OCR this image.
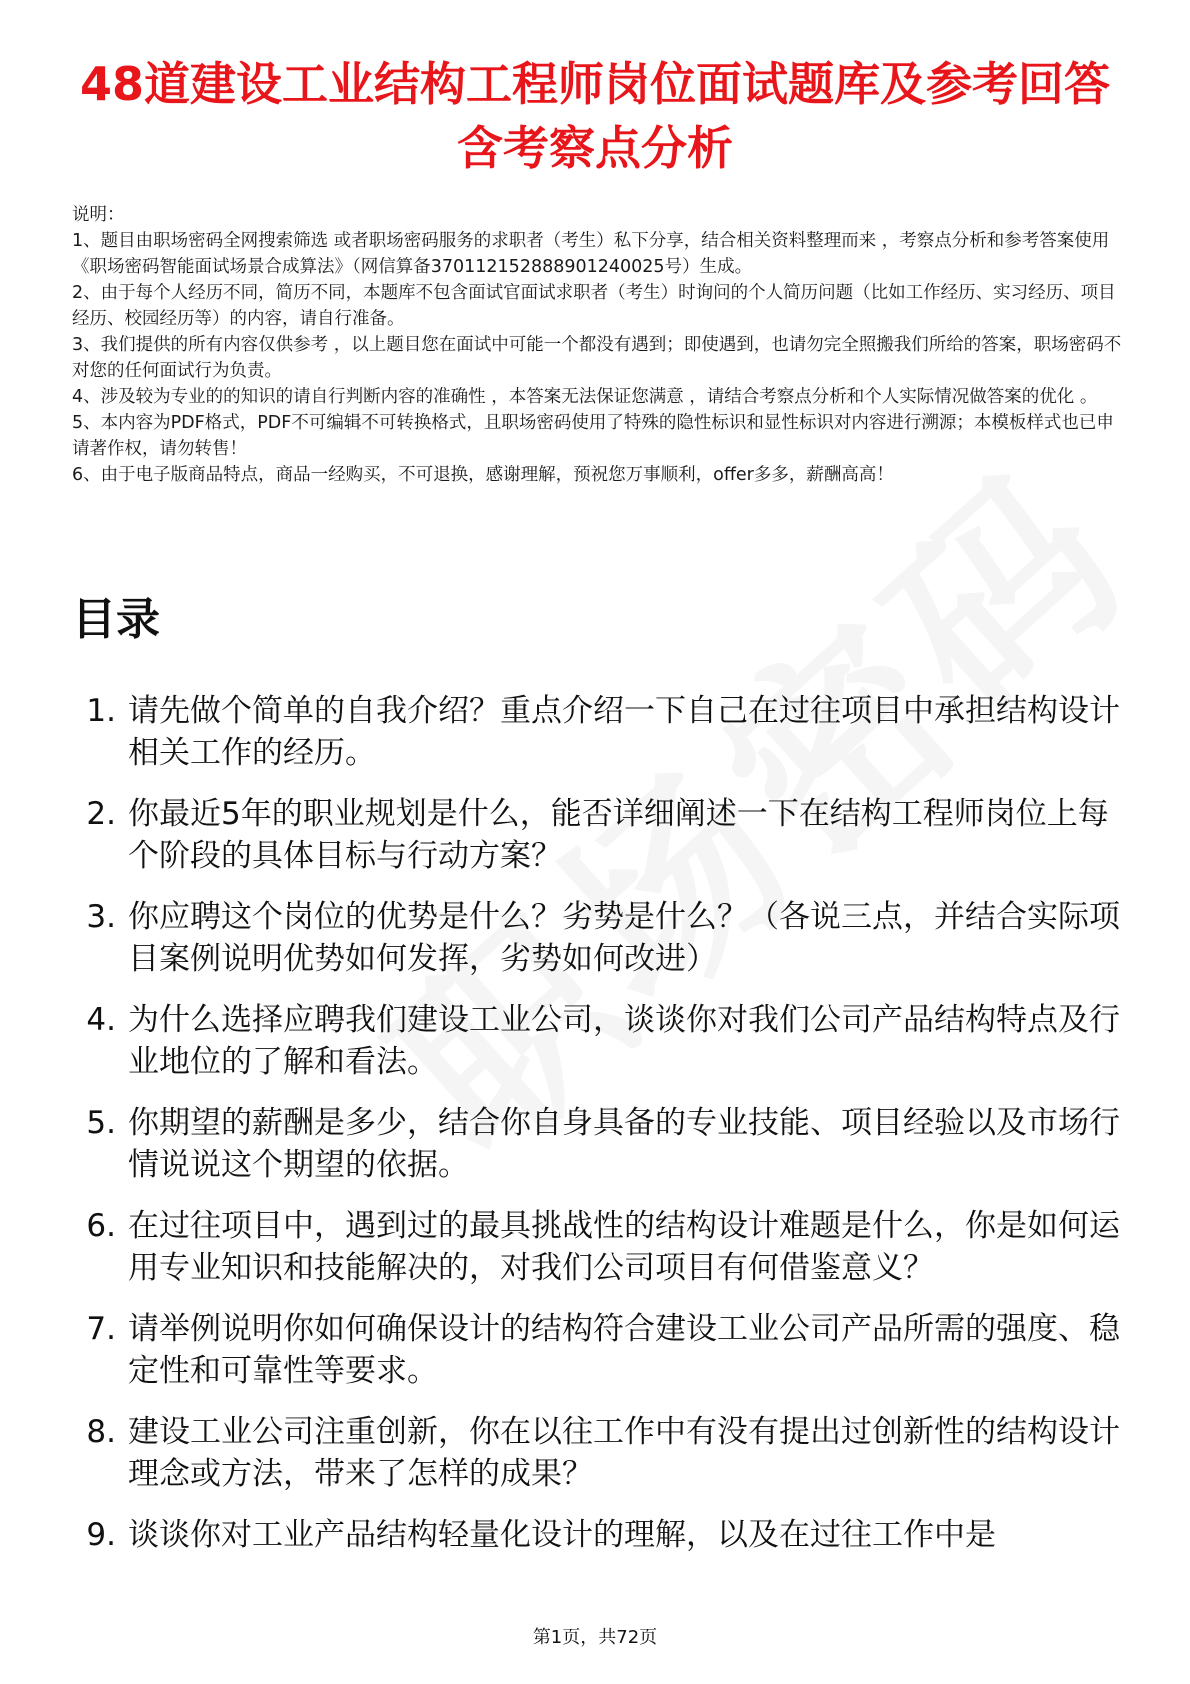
48道建设工业结构工程师岗位面试题库及参考回答含考察点分析

说明：

1、题目由职场密码全网搜索筛选 或者职场密码服务的求职者（考生）私下分享，结合相关资料整理而来 ，考察点分析和参考答案使用《职场密码智能面试场景合成算法》（网信算备370112152888901240025号）生成。

2、由于每个人经历不同，简历不同，本题库不包含面试官面试求职者（考生）时询问的个人简历问题（比如工作经历、实习经历、项目经历、校园经历等）的内容，请自行准备。

3、我们提供的所有内容仅供参考 ，以上题目您在面试中可能一个都没有遇到；即使遇到，也请勿完全照搬我们所给的答案，职场密码不对您的任何面试行为负责。

4、涉及较为专业的的知识的请自行判断内容的准确性 ，本答案无法保证您满意 ，请结合考察点分析和个人实际情况做答案的优化 。

5、本内容为PDF格式，PDF不可编辑不可转换格式，且职场密码使用了特殊的隐性标识和显性标识对内容进行溯源；本模板样式也已申请著作权，请勿转售！

6、由于电子版商品特点，商品一经购买，不可退换，感谢理解，预祝您万事顺利，offer多多，薪酬高高！

目录
1. 请先做个简单的自我介绍？重点介绍一下自己在过往项目中承担结构设计相关工作的经历。
2. 你最近5年的职业规划是什么，能否详细阐述一下在结构工程师岗位上每个阶段的具体目标与行动方案？
3. 你应聘这个岗位的优势是什么？劣势是什么？（各说三点，并结合实际项目案例说明优势如何发挥，劣势如何改进）
4. 为什么选择应聘我们建设工业公司，谈谈你对我们公司产品结构特点及行业地位的了解和看法。
5. 你期望的薪酬是多少，结合你自身具备的专业技能、项目经验以及市场行情说说这个期望的依据。
6. 在过往项目中，遇到过的最具挑战性的结构设计难题是什么，你是如何运用专业知识和技能解决的，对我们公司项目有何借鉴意义？
7. 请举例说明你如何确保设计的结构符合建设工业公司产品所需的强度、稳定性和可靠性等要求。
8. 建设工业公司注重创新，你在以往工作中有没有提出过创新性的结构设计理念或方法，带来了怎样的成果？
9. 谈谈你对工业产品结构轻量化设计的理解，以及在过往工作中是
第1页，共72页
